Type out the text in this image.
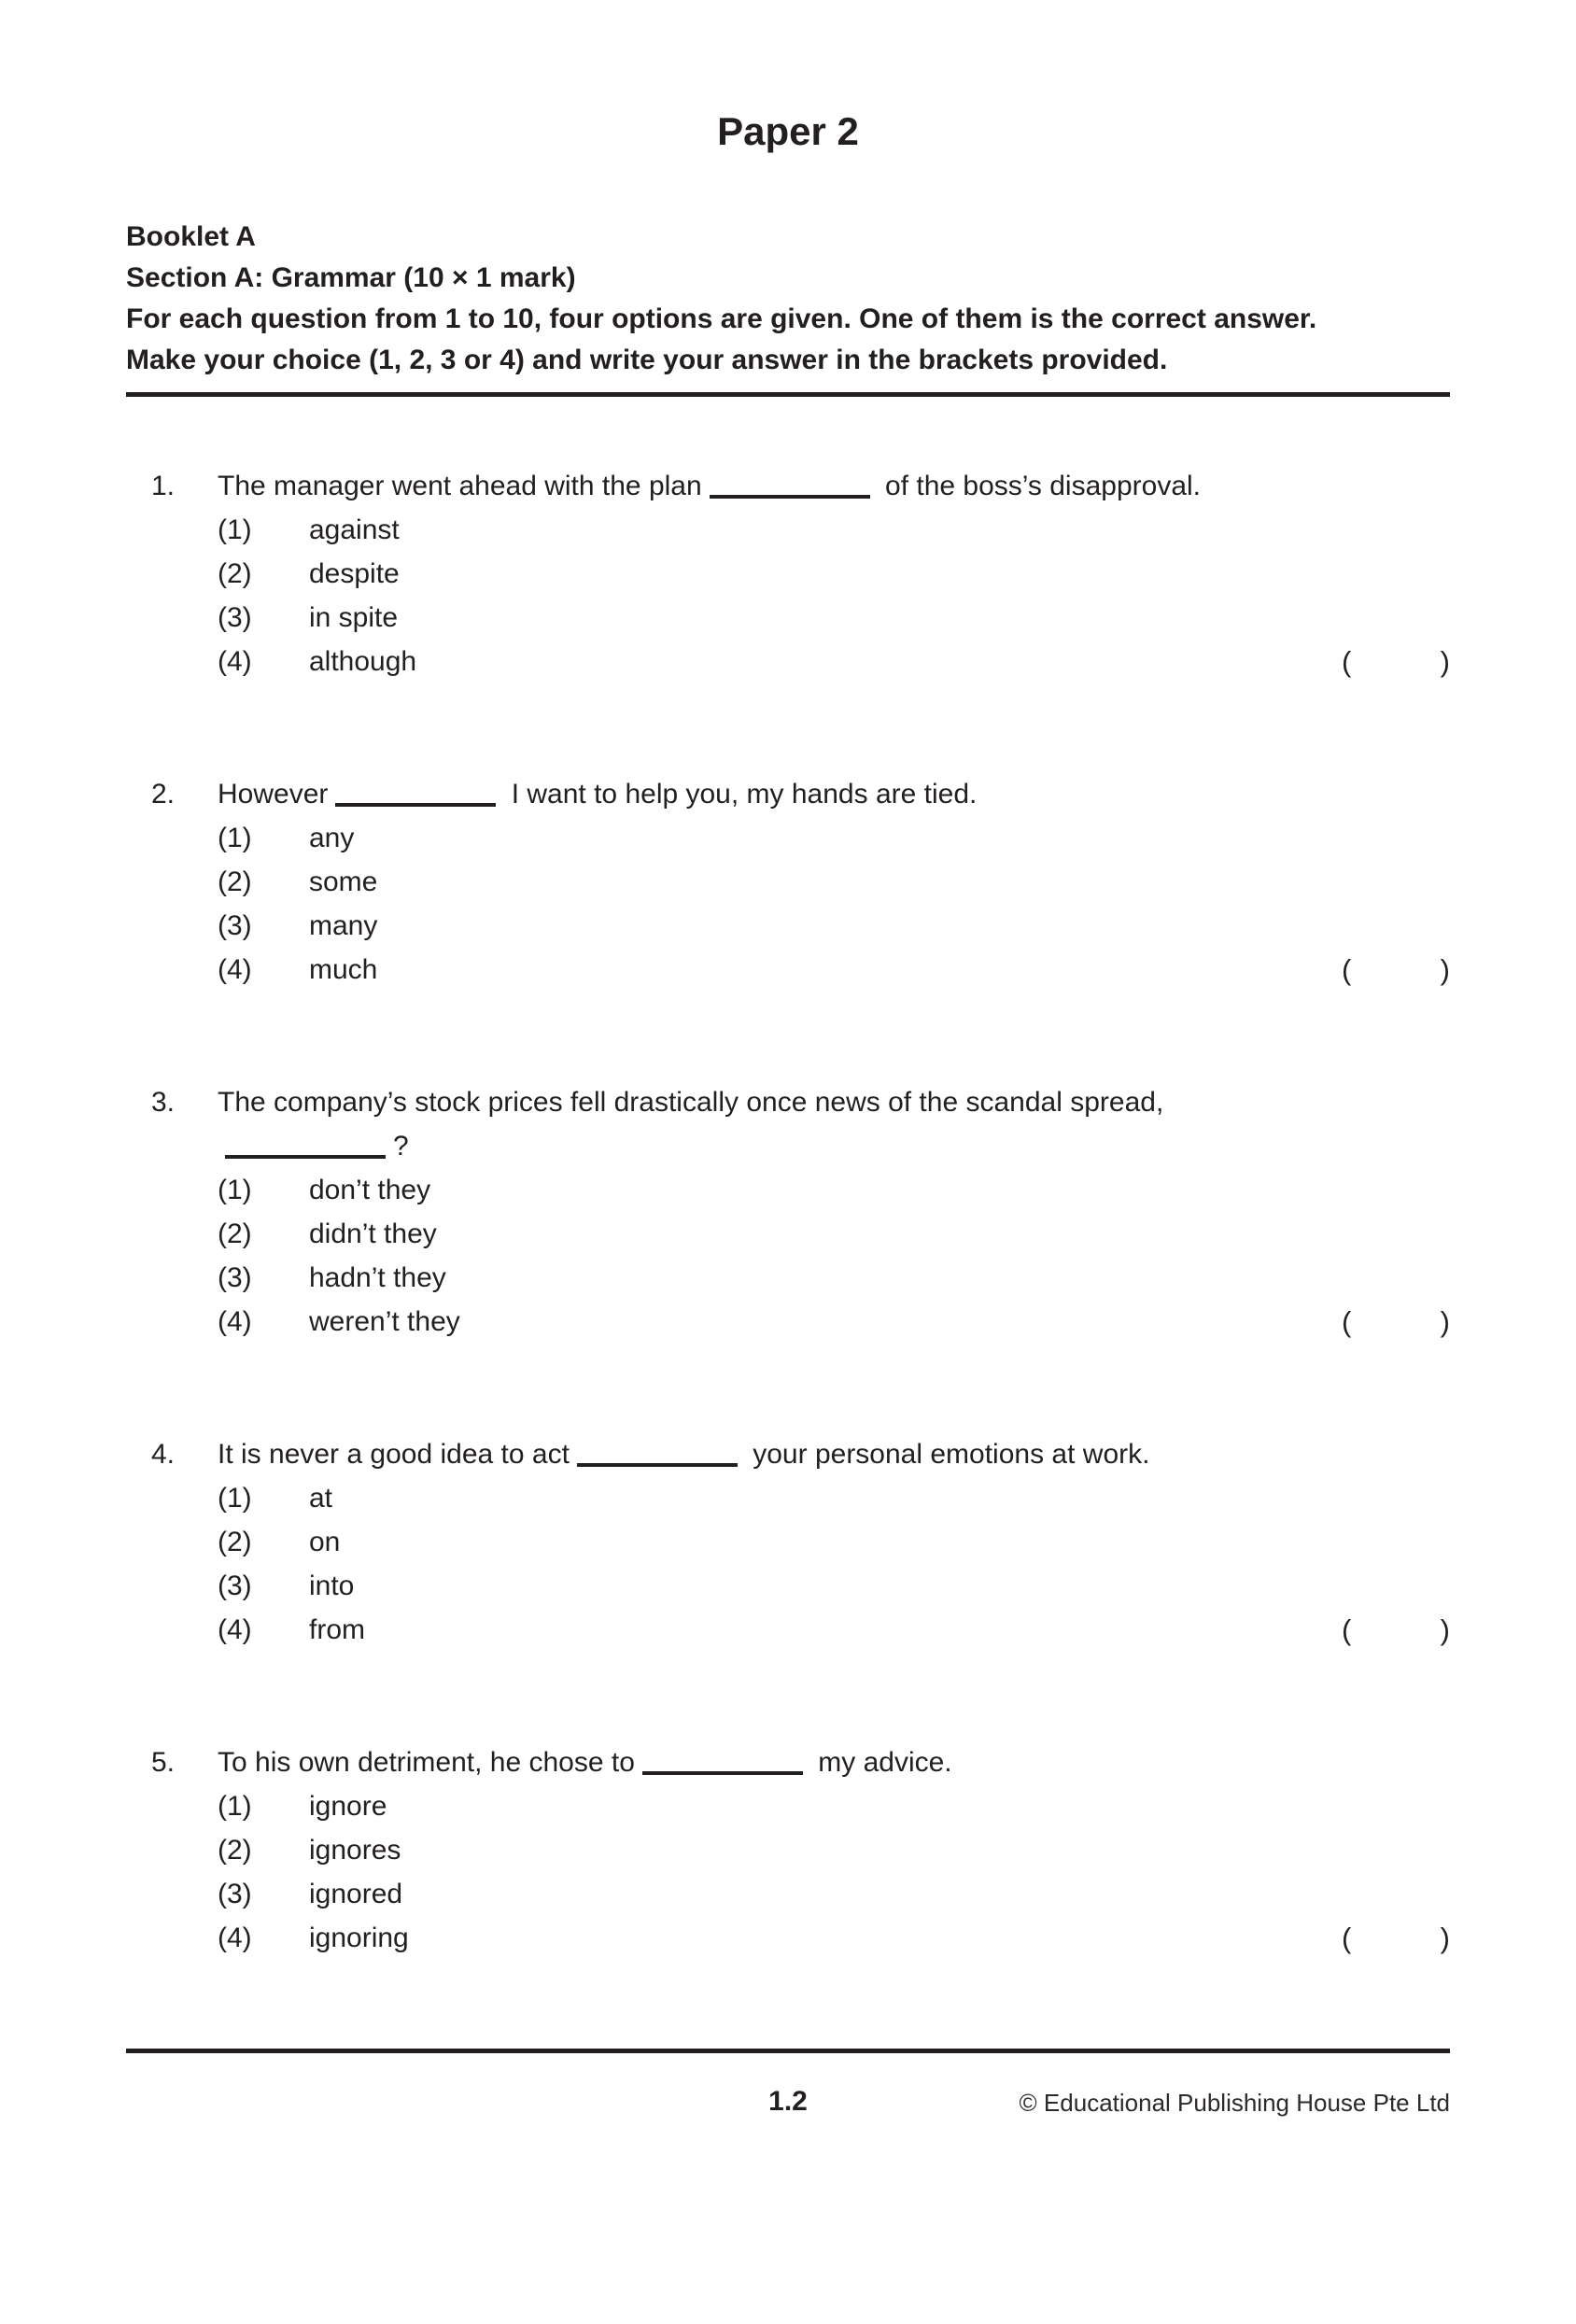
Paper 2
Booklet A
Section A: Grammar (10 × 1 mark)
For each question from 1 to 10, four options are given. One of them is the correct answer.
Make your choice (1, 2, 3 or 4) and write your answer in the brackets provided.
1.	The manager went ahead with the plan	of the boss’s disapproval.
(1)	against
(2)	despite
(3)	in spite
(4)	although	(	)
2.	However	I want to help you, my hands are tied.
(1)	any
(2)	some
(3)	many
(4)	much	(	)
3.	The company’s stock prices fell drastically once news of the scandal spread,
?
(1)	don’t they
(2)	didn’t they
(3)	hadn’t they
(4)	weren’t they	(	)
4.	It is never a good idea to act	your personal emotions at work.
(1)	at
(2)	on
(3)	into
(4)	from	(	)
5.	To his own detriment, he chose to	my advice.
(1)	ignore
(2)	ignores
(3)	ignored
(4)	ignoring	(	)
1.2	© Educational Publishing House Pte Ltd
